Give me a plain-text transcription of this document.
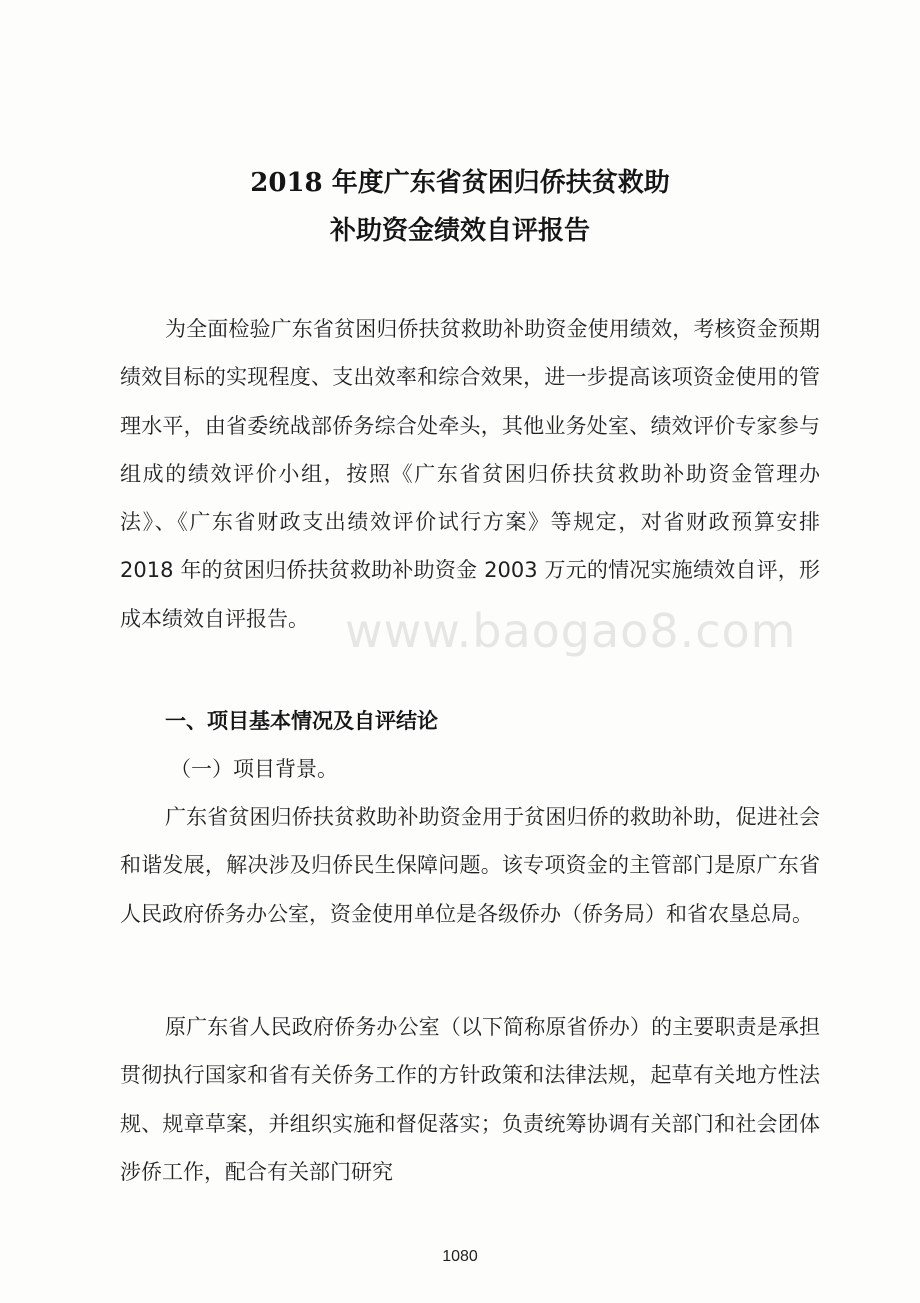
2018 年度广东省贫困归侨扶贫救助
补助资金绩效自评报告
为全面检验广东省贫困归侨扶贫救助补助资金使用绩效，考核资金预期绩效目标的实现程度、支出效率和综合效果，进一步提高该项资金使用的管理水平，由省委统战部侨务综合处牵头，其他业务处室、绩效评价专家参与组成的绩效评价小组，按照《广东省贫困归侨扶贫救助补助资金管理办法》、《广东省财政支出绩效评价试行方案》等规定，对省财政预算安排 2018 年的贫困归侨扶贫救助补助资金 2003 万元的情况实施绩效自评，形成本绩效自评报告。
一、项目基本情况及自评结论
（一）项目背景。
广东省贫困归侨扶贫救助补助资金用于贫困归侨的救助补助，促进社会和谐发展，解决涉及归侨民生保障问题。该专项资金的主管部门是原广东省人民政府侨务办公室，资金使用单位是各级侨办（侨务局）和省农垦总局。
原广东省人民政府侨务办公室（以下简称原省侨办）的主要职责是承担贯彻执行国家和省有关侨务工作的方针政策和法律法规，起草有关地方性法规、规章草案，并组织实施和督促落实；负责统筹协调有关部门和社会团体涉侨工作，配合有关部门研究
www.baogao8.com
1080
